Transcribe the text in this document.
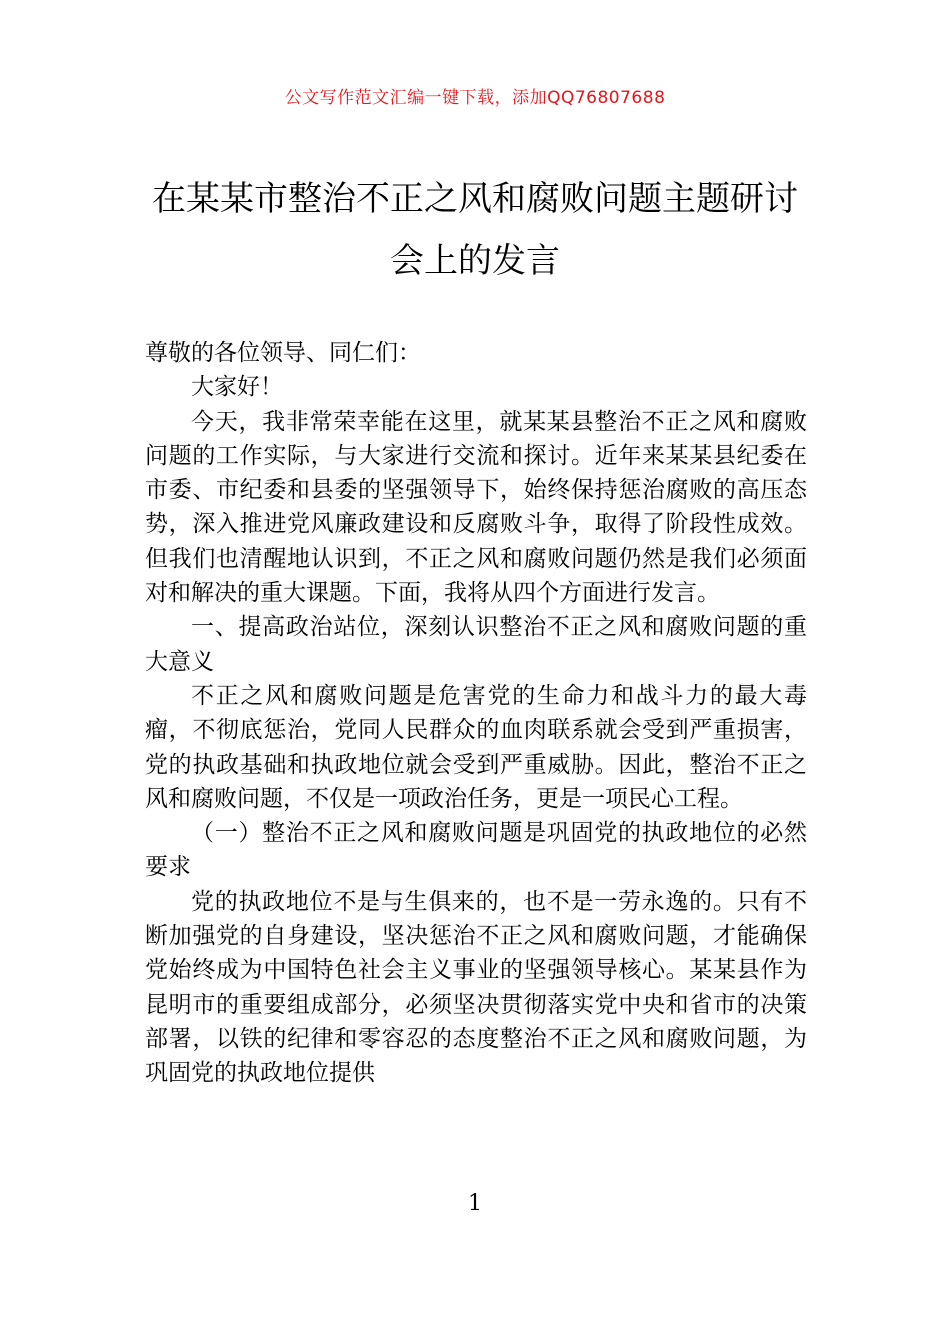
公文写作范文汇编一键下载，添加QQ76807688
在某某市整治不正之风和腐败问题主题研讨会上的发言

尊敬的各位领导、同仁们：

大家好！

今天，我非常荣幸能在这里，就某某县整治不正之风和腐败问题的工作实际，与大家进行交流和探讨。近年来某某县纪委在市委、市纪委和县委的坚强领导下，始终保持惩治腐败的高压态势，深入推进党风廉政建设和反腐败斗争，取得了阶段性成效。但我们也清醒地认识到，不正之风和腐败问题仍然是我们必须面对和解决的重大课题。下面，我将从四个方面进行发言。

一、提高政治站位，深刻认识整治不正之风和腐败问题的重大意义

不正之风和腐败问题是危害党的生命力和战斗力的最大毒瘤，不彻底惩治，党同人民群众的血肉联系就会受到严重损害，党的执政基础和执政地位就会受到严重威胁。因此，整治不正之风和腐败问题，不仅是一项政治任务，更是一项民心工程。

（一）整治不正之风和腐败问题是巩固党的执政地位的必然要求

党的执政地位不是与生俱来的，也不是一劳永逸的。只有不断加强党的自身建设，坚决惩治不正之风和腐败问题，才能确保党始终成为中国特色社会主义事业的坚强领导核心。某某县作为昆明市的重要组成部分，必须坚决贯彻落实党中央和省市的决策部署，以铁的纪律和零容忍的态度整治不正之风和腐败问题，为巩固党的执政地位提供

1
